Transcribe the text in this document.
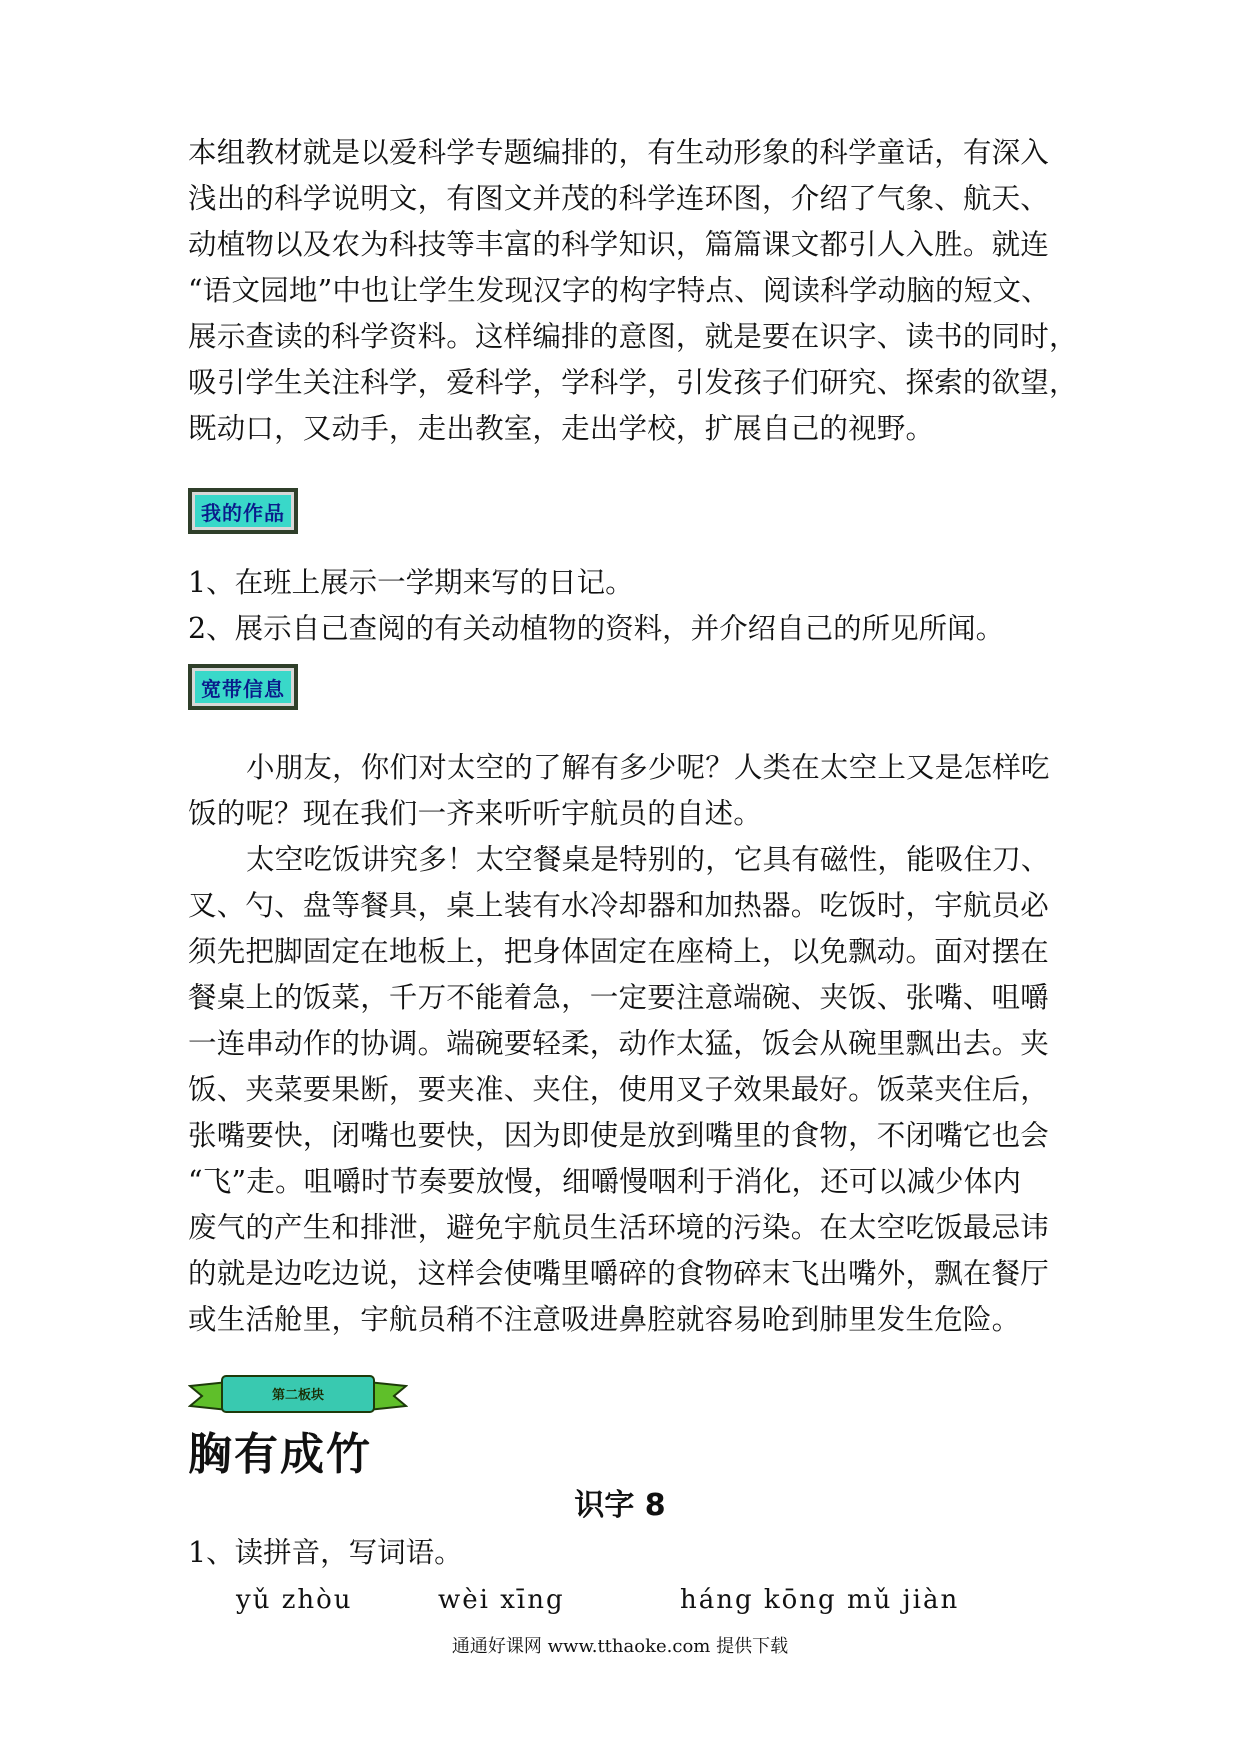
本组教材就是以爱科学专题编排的，有生动形象的科学童话，有深入
浅出的科学说明文，有图文并茂的科学连环图，介绍了气象、航天、
动植物以及农为科技等丰富的科学知识，篇篇课文都引人入胜。就连
“语文园地”中也让学生发现汉字的构字特点、阅读科学动脑的短文、
展示查读的科学资料。这样编排的意图，就是要在识字、读书的同时，
吸引学生关注科学，爱科学，学科学，引发孩子们研究、探索的欲望，
既动口，又动手，走出教室，走出学校，扩展自己的视野。
我的作品
1、在班上展示一学期来写的日记。
2、展示自己查阅的有关动植物的资料，并介绍自己的所见所闻。
宽带信息
小朋友，你们对太空的了解有多少呢？人类在太空上又是怎样吃
饭的呢？现在我们一齐来听听宇航员的自述。
太空吃饭讲究多！太空餐桌是特别的，它具有磁性，能吸住刀、
叉、勺、盘等餐具，桌上装有水冷却器和加热器。吃饭时，宇航员必
须先把脚固定在地板上，把身体固定在座椅上，以免飘动。面对摆在
餐桌上的饭菜，千万不能着急，一定要注意端碗、夹饭、张嘴、咀嚼
一连串动作的协调。端碗要轻柔，动作太猛，饭会从碗里飘出去。夹
饭、夹菜要果断，要夹准、夹住，使用叉子效果最好。饭菜夹住后，
张嘴要快，闭嘴也要快，因为即使是放到嘴里的食物，不闭嘴它也会
“飞”走。咀嚼时节奏要放慢，细嚼慢咽利于消化，还可以减少体内
废气的产生和排泄，避免宇航员生活环境的污染。在太空吃饭最忌讳
的就是边吃边说，这样会使嘴里嚼碎的食物碎末飞出嘴外，飘在餐厅
或生活舱里，宇航员稍不注意吸进鼻腔就容易呛到肺里发生危险。
第二板块
胸有成竹
识字 8
1、读拼音，写词语。
yǔ zhòu	wèi xīng	háng kōng mǔ jiàn
通通好课网 www.tthaoke.com 提供下载
